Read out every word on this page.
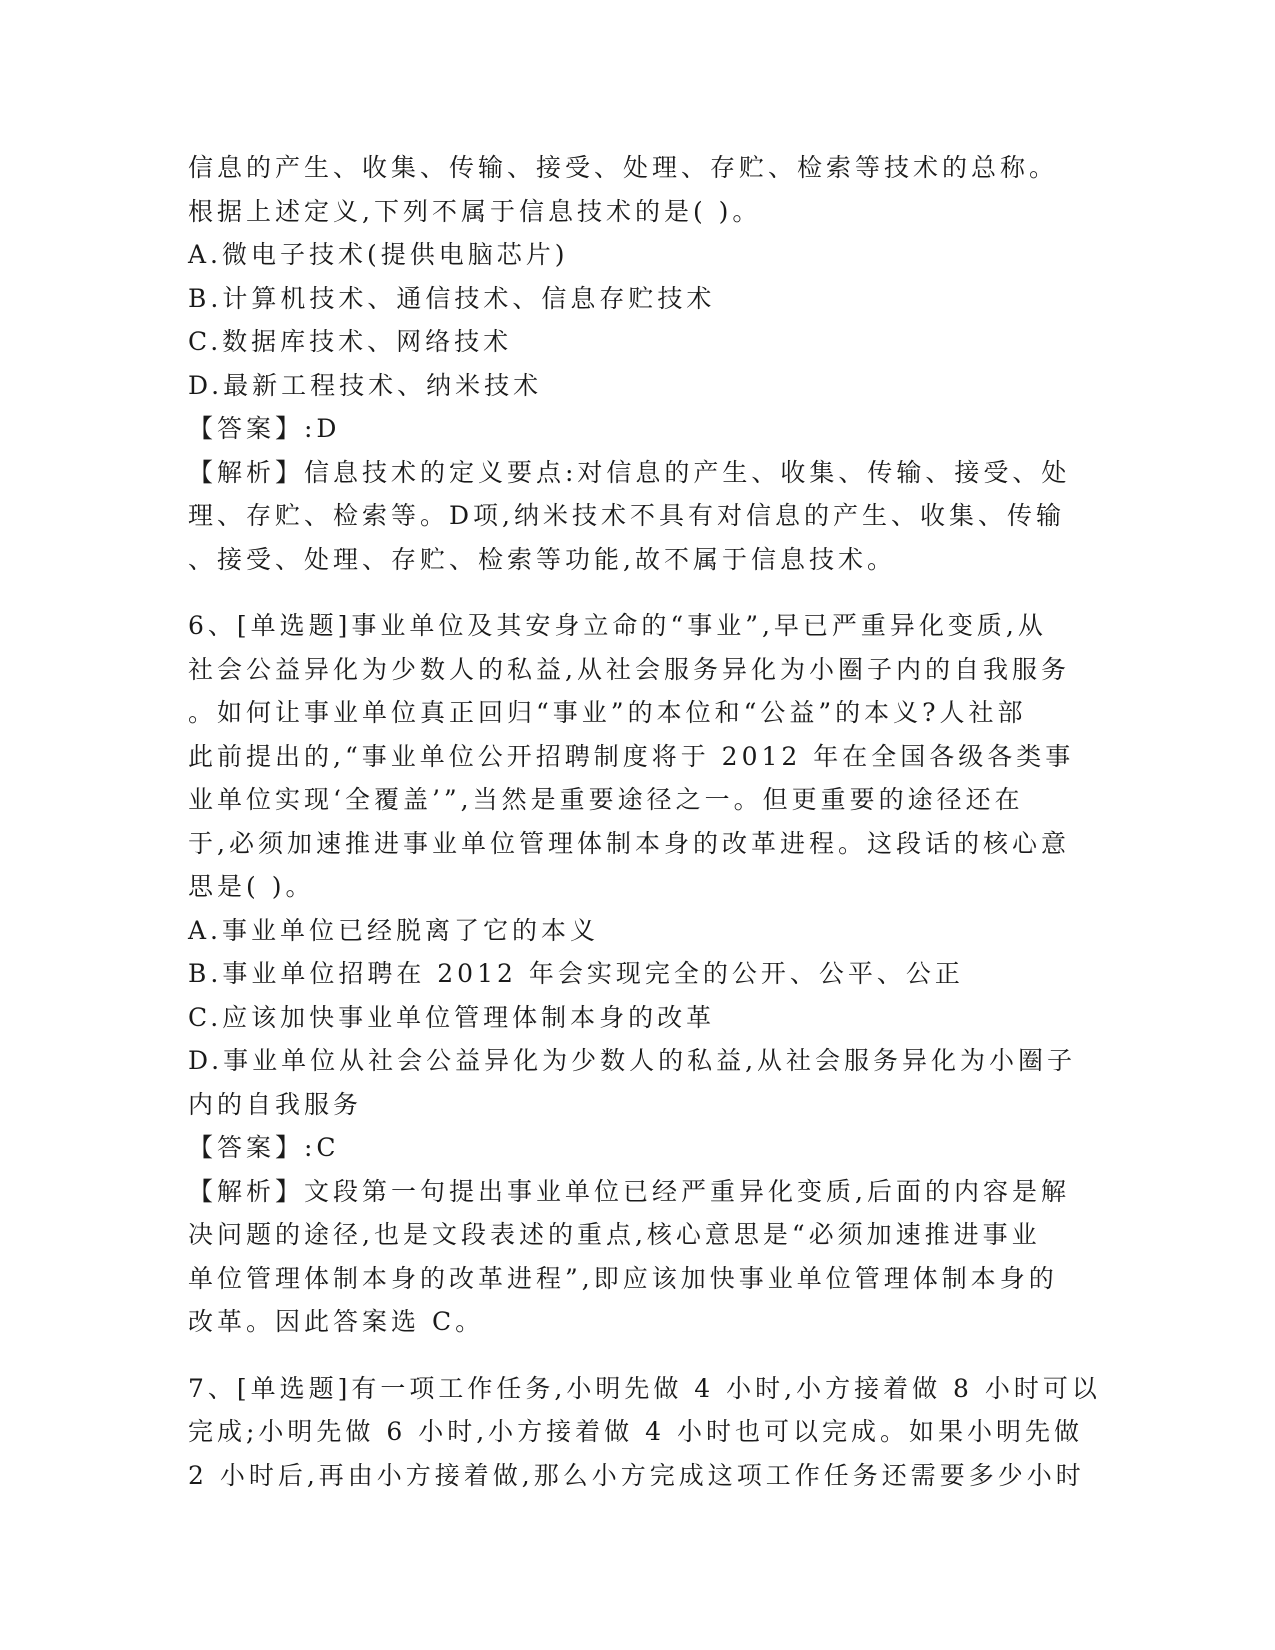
信息的产生、收集、传输、接受、处理、存贮、检索等技术的总称。
根据上述定义,下列不属于信息技术的是( )。
A.微电子技术(提供电脑芯片)
B.计算机技术、通信技术、信息存贮技术
C.数据库技术、网络技术
D.最新工程技术、纳米技术
【答案】:D
【解析】信息技术的定义要点:对信息的产生、收集、传输、接受、处
理、存贮、检索等。D项,纳米技术不具有对信息的产生、收集、传输
、接受、处理、存贮、检索等功能,故不属于信息技术。
6、[单选题]事业单位及其安身立命的“事业”,早已严重异化变质,从
社会公益异化为少数人的私益,从社会服务异化为小圈子内的自我服务
。如何让事业单位真正回归“事业”的本位和“公益”的本义?人社部
此前提出的,“事业单位公开招聘制度将于 2012 年在全国各级各类事
业单位实现‘全覆盖’”,当然是重要途径之一。但更重要的途径还在
于,必须加速推进事业单位管理体制本身的改革进程。这段话的核心意
思是( )。
A.事业单位已经脱离了它的本义
B.事业单位招聘在 2012 年会实现完全的公开、公平、公正
C.应该加快事业单位管理体制本身的改革
D.事业单位从社会公益异化为少数人的私益,从社会服务异化为小圈子
内的自我服务
【答案】:C
【解析】文段第一句提出事业单位已经严重异化变质,后面的内容是解
决问题的途径,也是文段表述的重点,核心意思是“必须加速推进事业
单位管理体制本身的改革进程”,即应该加快事业单位管理体制本身的
改革。因此答案选 C。
7、[单选题]有一项工作任务,小明先做 4 小时,小方接着做 8 小时可以
完成;小明先做 6 小时,小方接着做 4 小时也可以完成。如果小明先做
2 小时后,再由小方接着做,那么小方完成这项工作任务还需要多少小时
